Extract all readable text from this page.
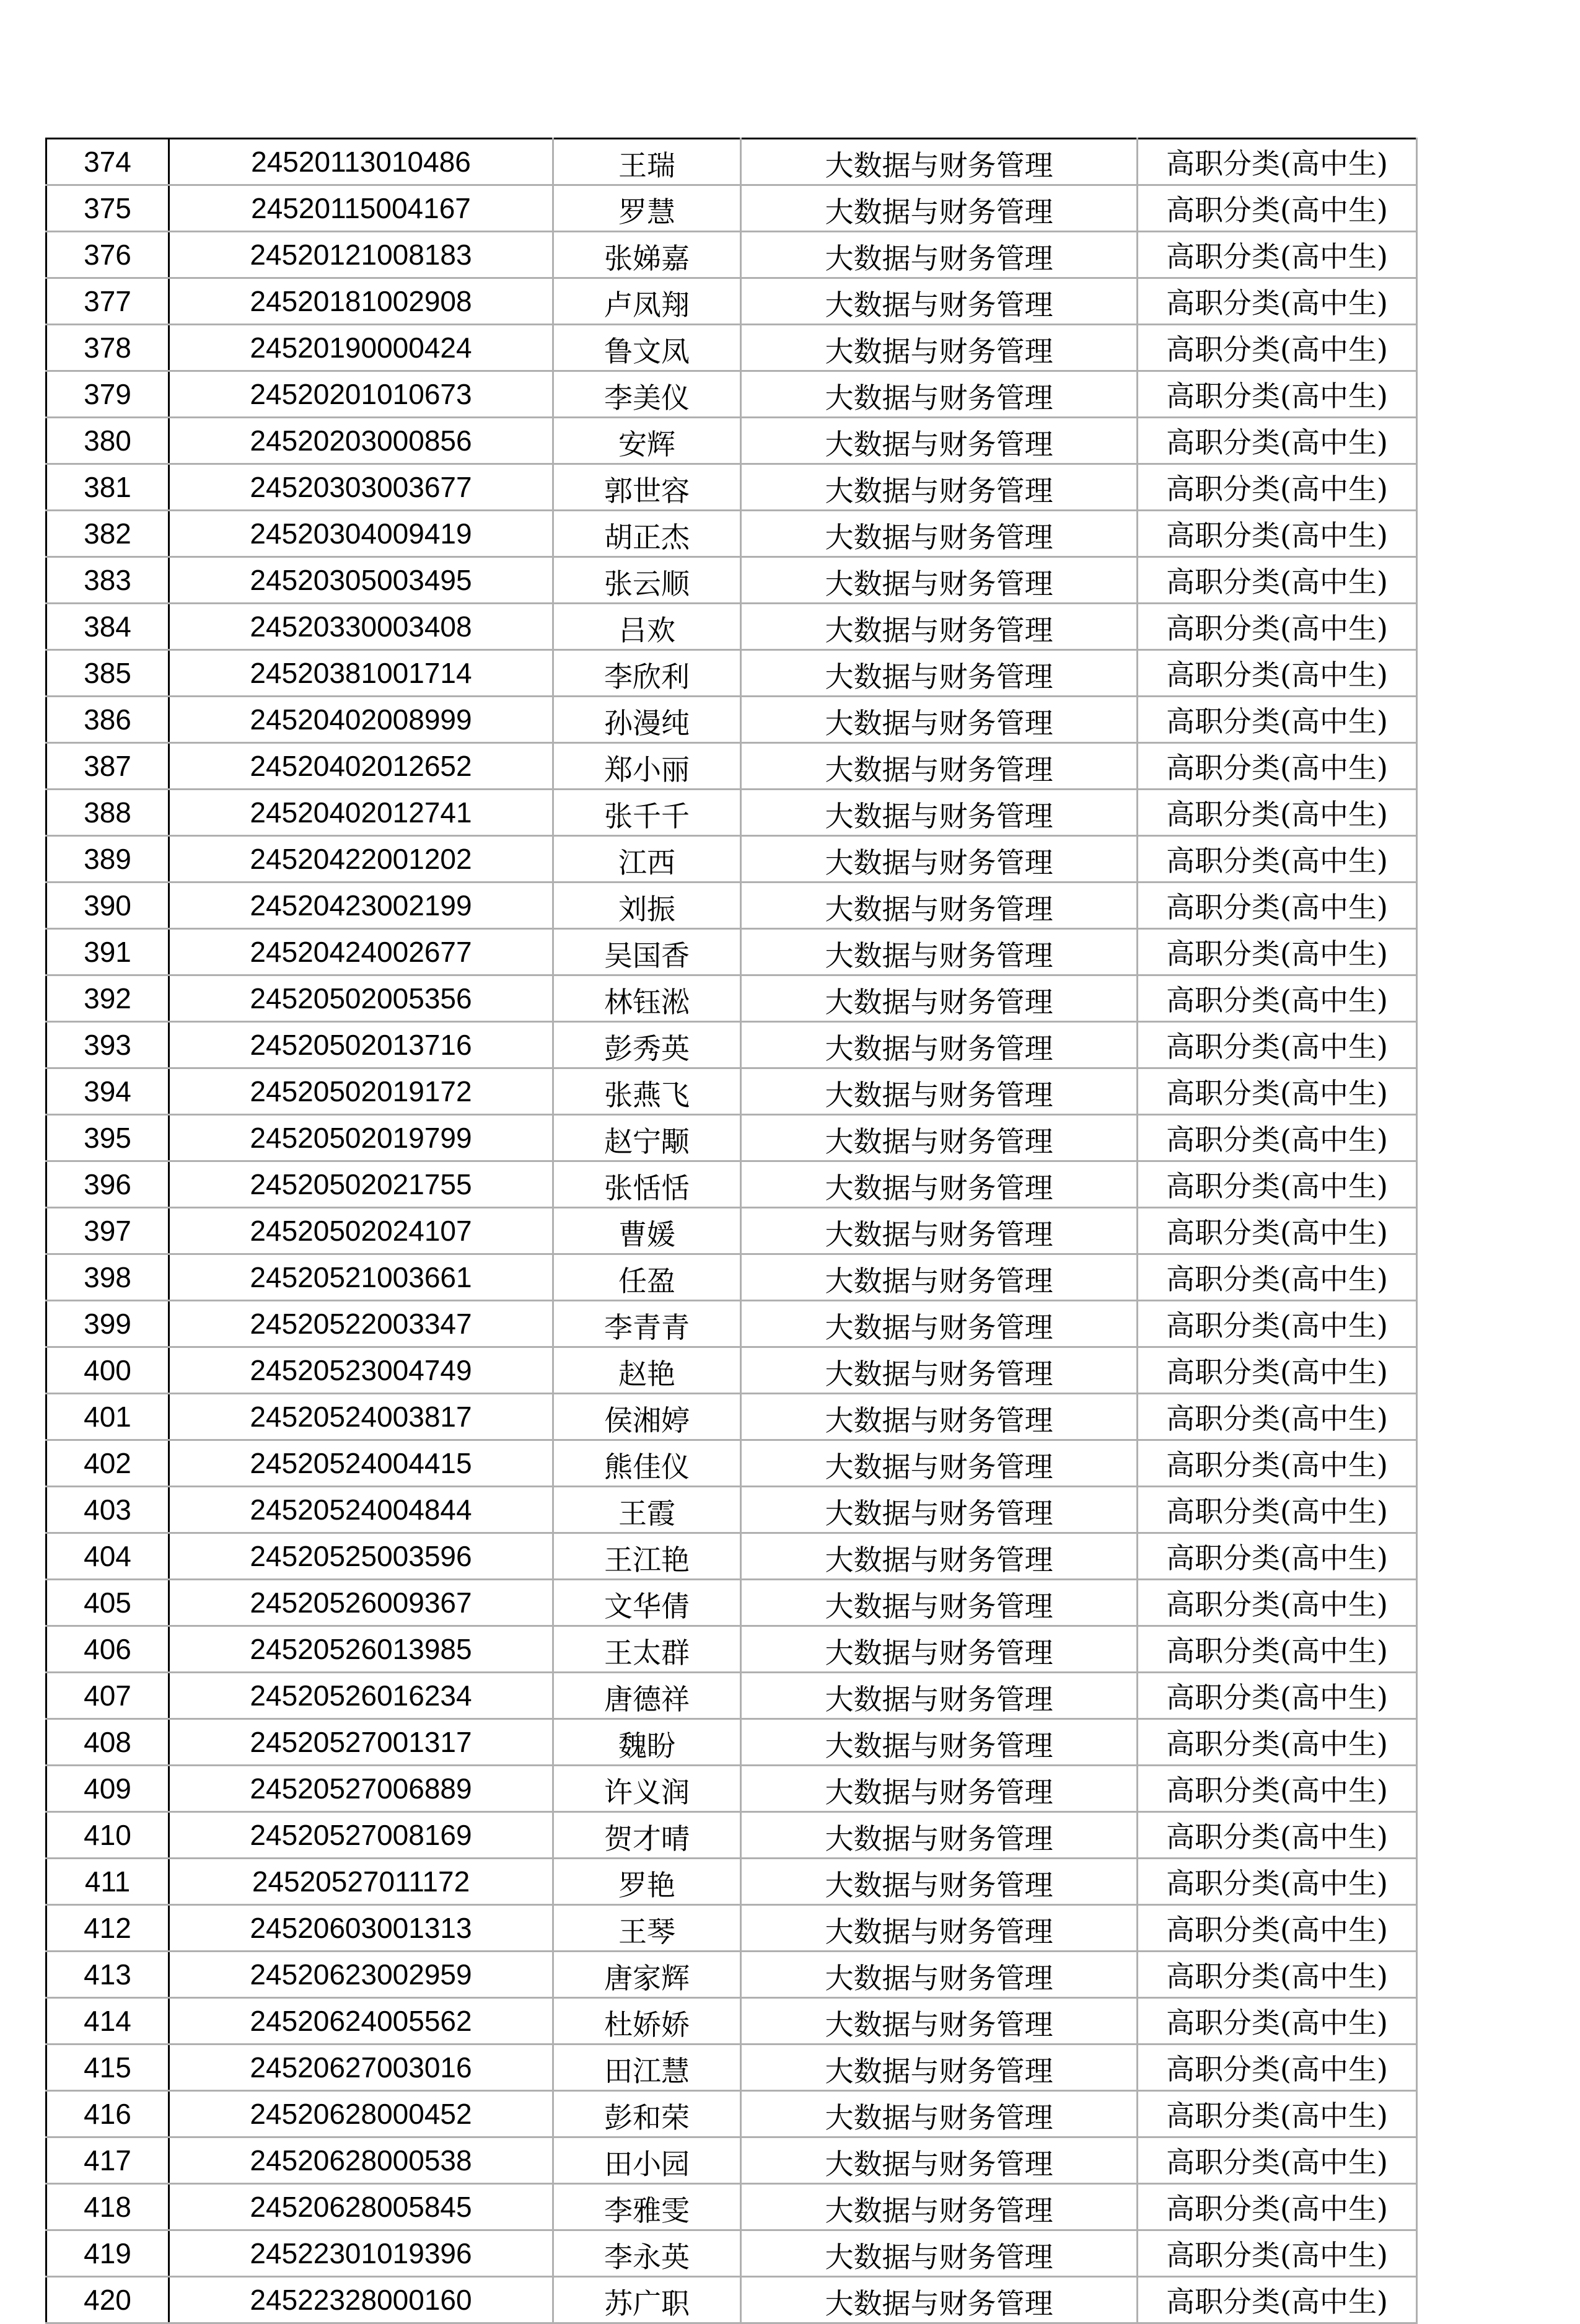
374	24520113010486	王瑞	大数据与财务管理	高职分类(高中生)
375	24520115004167	罗慧	大数据与财务管理	高职分类(高中生)
376	24520121008183	张娣嘉	大数据与财务管理	高职分类(高中生)
377	24520181002908	卢凤翔	大数据与财务管理	高职分类(高中生)
378	24520190000424	鲁文凤	大数据与财务管理	高职分类(高中生)
379	24520201010673	李美仪	大数据与财务管理	高职分类(高中生)
380	24520203000856	安辉	大数据与财务管理	高职分类(高中生)
381	24520303003677	郭世容	大数据与财务管理	高职分类(高中生)
382	24520304009419	胡正杰	大数据与财务管理	高职分类(高中生)
383	24520305003495	张云顺	大数据与财务管理	高职分类(高中生)
384	24520330003408	吕欢	大数据与财务管理	高职分类(高中生)
385	24520381001714	李欣利	大数据与财务管理	高职分类(高中生)
386	24520402008999	孙漫纯	大数据与财务管理	高职分类(高中生)
387	24520402012652	郑小丽	大数据与财务管理	高职分类(高中生)
388	24520402012741	张千千	大数据与财务管理	高职分类(高中生)
389	24520422001202	江西	大数据与财务管理	高职分类(高中生)
390	24520423002199	刘振	大数据与财务管理	高职分类(高中生)
391	24520424002677	吴国香	大数据与财务管理	高职分类(高中生)
392	24520502005356	林钰淞	大数据与财务管理	高职分类(高中生)
393	24520502013716	彭秀英	大数据与财务管理	高职分类(高中生)
394	24520502019172	张燕飞	大数据与财务管理	高职分类(高中生)
395	24520502019799	赵宁颙	大数据与财务管理	高职分类(高中生)
396	24520502021755	张恬恬	大数据与财务管理	高职分类(高中生)
397	24520502024107	曹媛	大数据与财务管理	高职分类(高中生)
398	24520521003661	任盈	大数据与财务管理	高职分类(高中生)
399	24520522003347	李青青	大数据与财务管理	高职分类(高中生)
400	24520523004749	赵艳	大数据与财务管理	高职分类(高中生)
401	24520524003817	侯湘婷	大数据与财务管理	高职分类(高中生)
402	24520524004415	熊佳仪	大数据与财务管理	高职分类(高中生)
403	24520524004844	王霞	大数据与财务管理	高职分类(高中生)
404	24520525003596	王江艳	大数据与财务管理	高职分类(高中生)
405	24520526009367	文华倩	大数据与财务管理	高职分类(高中生)
406	24520526013985	王太群	大数据与财务管理	高职分类(高中生)
407	24520526016234	唐德祥	大数据与财务管理	高职分类(高中生)
408	24520527001317	魏盼	大数据与财务管理	高职分类(高中生)
409	24520527006889	许义润	大数据与财务管理	高职分类(高中生)
410	24520527008169	贺才晴	大数据与财务管理	高职分类(高中生)
411	24520527011172	罗艳	大数据与财务管理	高职分类(高中生)
412	24520603001313	王琴	大数据与财务管理	高职分类(高中生)
413	24520623002959	唐家辉	大数据与财务管理	高职分类(高中生)
414	24520624005562	杜娇娇	大数据与财务管理	高职分类(高中生)
415	24520627003016	田江慧	大数据与财务管理	高职分类(高中生)
416	24520628000452	彭和荣	大数据与财务管理	高职分类(高中生)
417	24520628000538	田小园	大数据与财务管理	高职分类(高中生)
418	24520628005845	李雅雯	大数据与财务管理	高职分类(高中生)
419	24522301019396	李永英	大数据与财务管理	高职分类(高中生)
420	24522328000160	苏广职	大数据与财务管理	高职分类(高中生)
